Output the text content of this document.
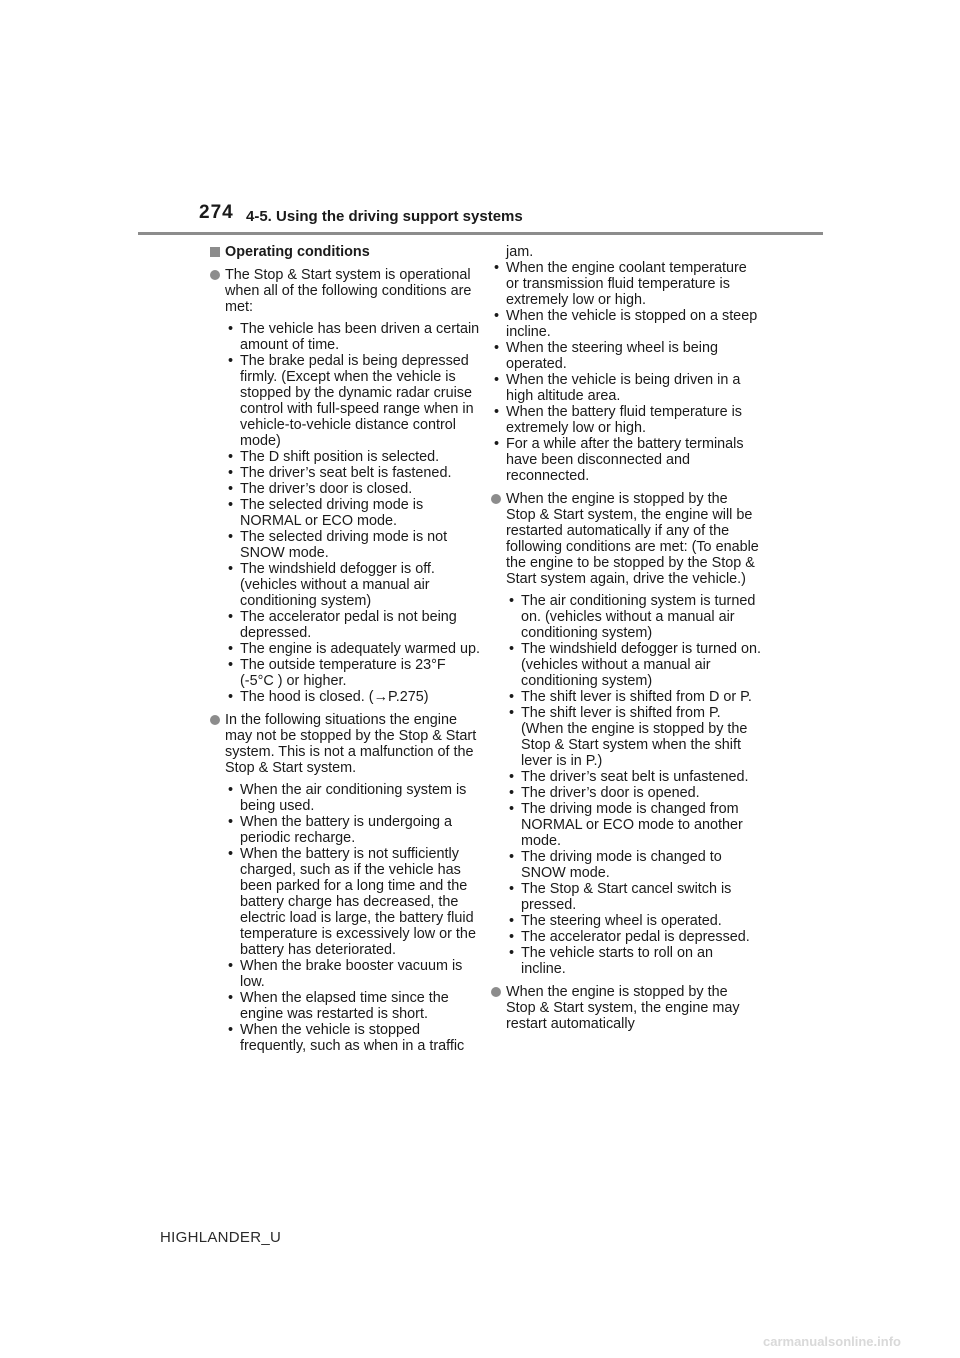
274 4-5. Using the driving support systems
Operating conditions
The Stop & Start system is operational when all of the following conditions are met:
• The vehicle has been driven a certain amount of time.
• The brake pedal is being depressed firmly. (Except when the vehicle is stopped by the dynamic radar cruise control with full-speed range when in vehicle-to-vehicle distance control mode)
• The D shift position is selected.
• The driver’s seat belt is fastened.
• The driver’s door is closed.
• The selected driving mode is NORMAL or ECO mode.
• The selected driving mode is not SNOW mode.
• The windshield defogger is off. (vehicles without a manual air conditioning system)
• The accelerator pedal is not being depressed.
• The engine is adequately warmed up.
• The outside temperature is 23°F (-5°C ) or higher.
• The hood is closed. (→P.275)
In the following situations the engine may not be stopped by the Stop & Start system. This is not a malfunction of the Stop & Start system.
• When the air conditioning system is being used.
• When the battery is undergoing a periodic recharge.
• When the battery is not sufficiently charged, such as if the vehicle has been parked for a long time and the battery charge has decreased, the electric load is large, the battery fluid temperature is excessively low or the battery has deteriorated.
• When the brake booster vacuum is low.
• When the elapsed time since the engine was restarted is short.
• When the vehicle is stopped frequently, such as when in a traffic
jam.
• When the engine coolant temperature or transmission fluid temperature is extremely low or high.
• When the vehicle is stopped on a steep incline.
• When the steering wheel is being operated.
• When the vehicle is being driven in a high altitude area.
• When the battery fluid temperature is extremely low or high.
• For a while after the battery terminals have been disconnected and reconnected.
When the engine is stopped by the Stop & Start system, the engine will be restarted automatically if any of the following conditions are met: (To enable the engine to be stopped by the Stop & Start system again, drive the vehicle.)
• The air conditioning system is turned on. (vehicles without a manual air conditioning system)
• The windshield defogger is turned on. (vehicles without a manual air conditioning system)
• The shift lever is shifted from D or P.
• The shift lever is shifted from P. (When the engine is stopped by the Stop & Start system when the shift lever is in P.)
• The driver’s seat belt is unfastened.
• The driver’s door is opened.
• The driving mode is changed from NORMAL or ECO mode to another mode.
• The driving mode is changed to SNOW mode.
• The Stop & Start cancel switch is pressed.
• The steering wheel is operated.
• The accelerator pedal is depressed.
• The vehicle starts to roll on an incline.
When the engine is stopped by the Stop & Start system, the engine may restart automatically
HIGHLANDER_U
carmanualsonline.info
